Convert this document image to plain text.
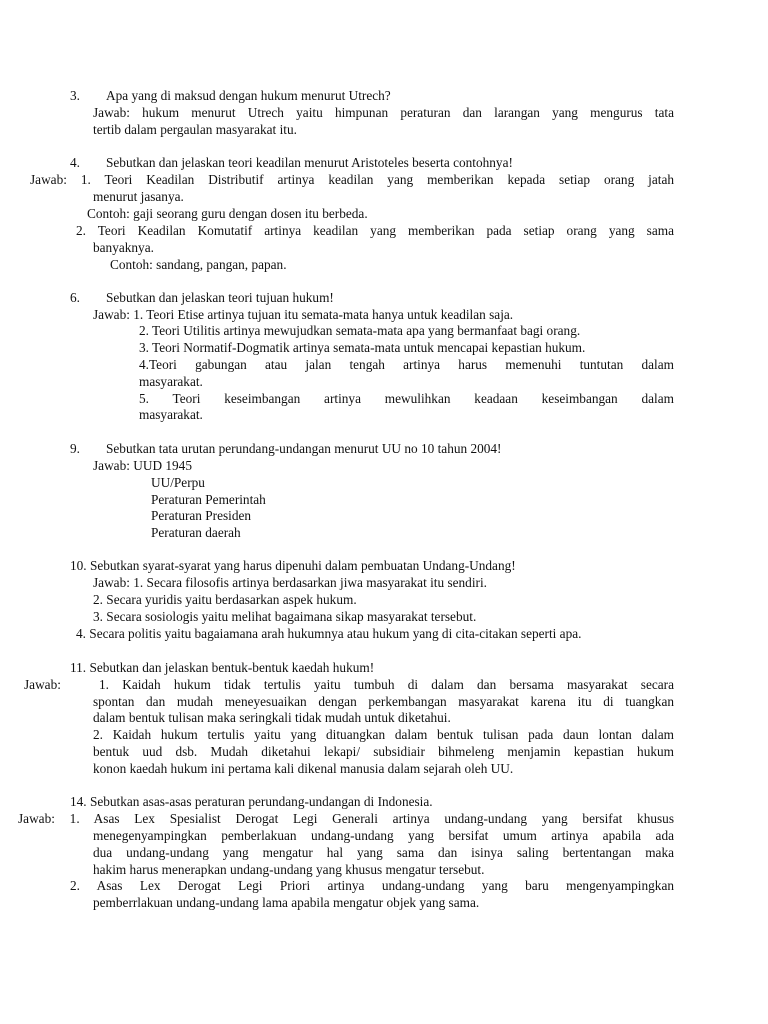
3. Apa yang di maksud dengan hukum menurut Utrech?
Jawab: hukum menurut Utrech yaitu himpunan peraturan dan larangan yang mengurus tata
tertib dalam pergaulan masyarakat itu.
4. Sebutkan dan jelaskan teori keadilan menurut Aristoteles beserta contohnya!
Jawab: 1. Teori Keadilan Distributif artinya keadilan yang memberikan kepada setiap orang jatah
menurut jasanya.
Contoh: gaji seorang guru dengan dosen itu berbeda.
2. Teori Keadilan Komutatif artinya keadilan yang memberikan pada setiap orang yang sama
banyaknya.
Contoh: sandang, pangan, papan.
6. Sebutkan dan jelaskan teori tujuan hukum!
Jawab: 1. Teori Etise artinya tujuan itu semata-mata hanya untuk keadilan saja.
2. Teori Utilitis artinya mewujudkan semata-mata apa yang bermanfaat bagi orang.
3. Teori Normatif-Dogmatik artinya semata-mata untuk mencapai kepastian hukum.
4.Teori gabungan atau jalan tengah artinya harus memenuhi tuntutan dalam
masyarakat.
5. Teori keseimbangan artinya mewulihkan keadaan keseimbangan dalam
masyarakat.
9. Sebutkan tata urutan perundang-undangan menurut UU no 10 tahun 2004!
Jawab: UUD 1945
UU/Perpu
Peraturan Pemerintah
Peraturan Presiden
Peraturan daerah
10. Sebutkan syarat-syarat yang harus dipenuhi dalam pembuatan Undang-Undang!
Jawab: 1. Secara filosofis artinya berdasarkan jiwa masyarakat itu sendiri.
2. Secara yuridis yaitu berdasarkan aspek hukum.
3. Secara sosiologis yaitu melihat bagaimana sikap masyarakat tersebut.
4. Secara politis yaitu bagaiamana arah hukumnya atau hukum yang di cita-citakan seperti apa.
11. Sebutkan dan jelaskan bentuk-bentuk kaedah hukum!
Jawab:	1. Kaidah hukum tidak tertulis yaitu tumbuh di dalam dan bersama masyarakat secara
spontan dan mudah meneyesuaikan dengan perkembangan masyarakat karena itu di tuangkan
dalam bentuk tulisan maka seringkali tidak mudah untuk diketahui.
2. Kaidah hukum tertulis yaitu yang dituangkan dalam bentuk tulisan pada daun lontan dalam
bentuk uud dsb. Mudah diketahui lekapi/ subsidiair bihmeleng menjamin kepastian hukum
konon kaedah hukum ini pertama kali dikenal manusia dalam sejarah oleh UU.
14. Sebutkan asas-asas peraturan perundang-undangan di Indonesia.
Jawab: 1. Asas Lex Spesialist Derogat Legi Generali artinya undang-undang yang bersifat khusus
menegenyampingkan pemberlakuan undang-undang yang bersifat umum artinya apabila ada
dua undang-undang yang mengatur hal yang sama dan isinya saling bertentangan maka
hakim harus menerapkan undang-undang yang khusus mengatur tersebut.
2. Asas Lex Derogat Legi Priori artinya undang-undang yang baru mengenyampingkan
pemberrlakuan undang-undang lama apabila mengatur objek yang sama.
